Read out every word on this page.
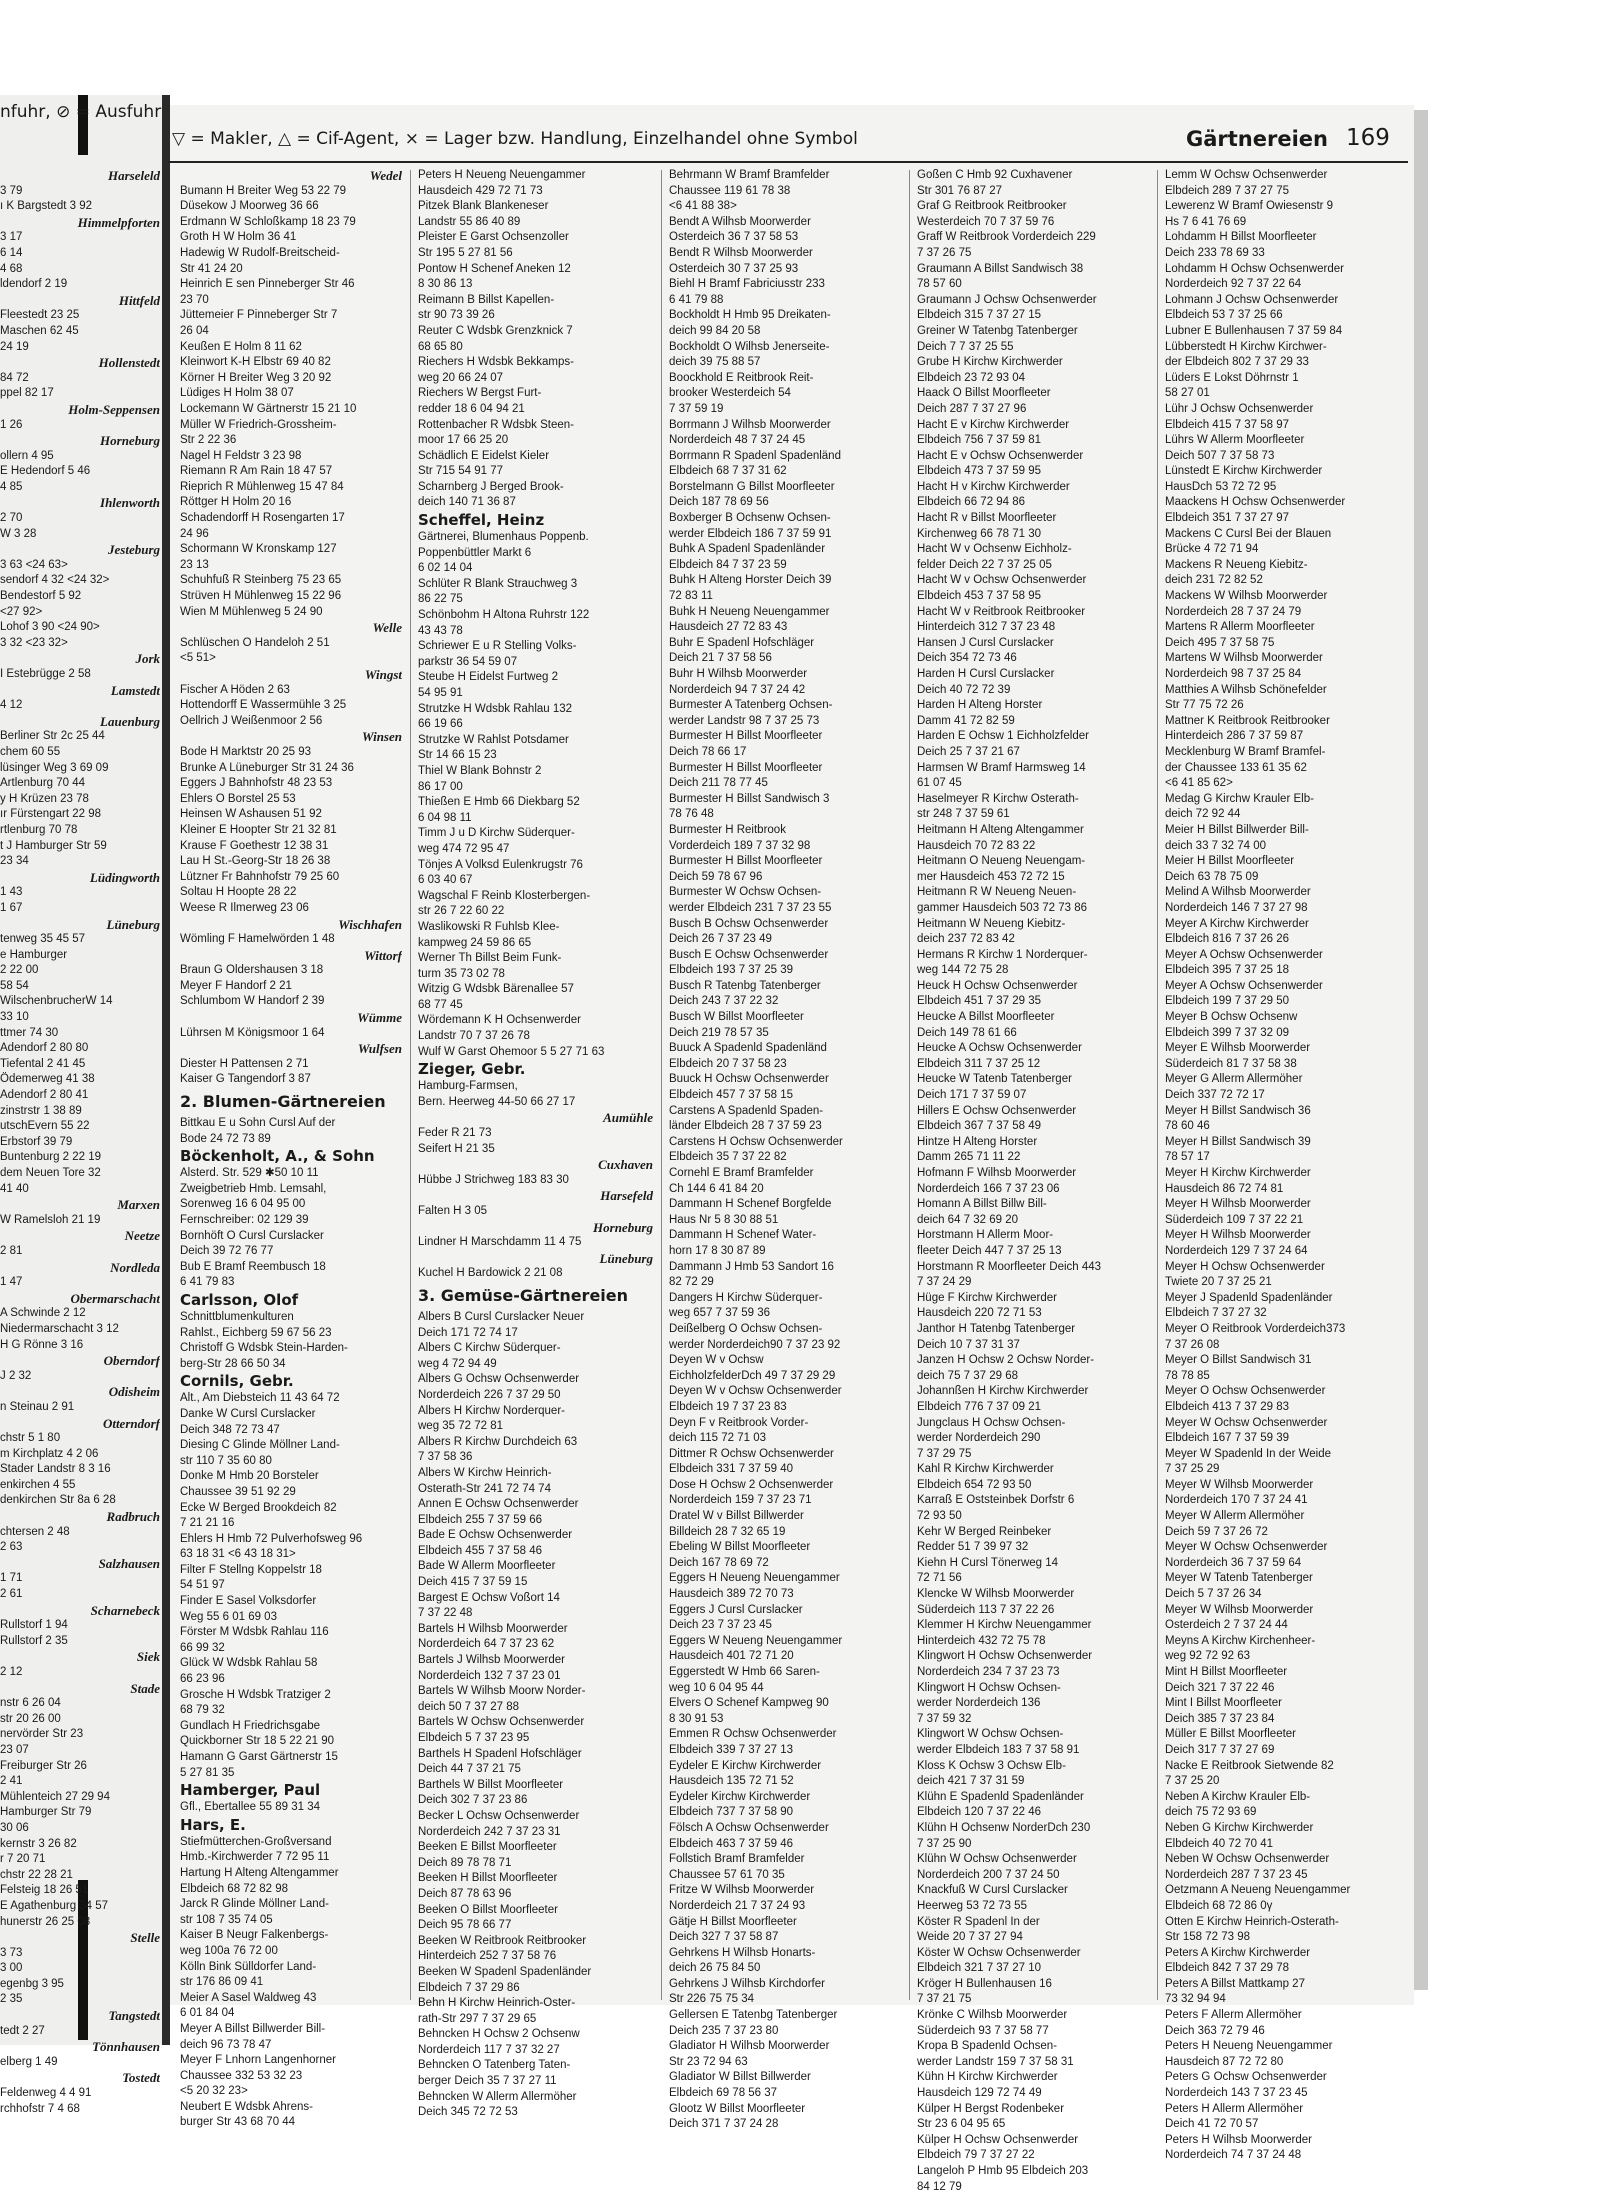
nfuhr, ⊘ = Ausfuhr
Harseleld
3 79
ı K Bargstedt 3 92
Himmelpforten
3 17
6 14
4 68
ldendorf 2 19
Hittfeld
Fleestedt 23 25
Maschen 62 45
24 19
Hollenstedt
84 72
ppel 82 17
Holm-Seppensen
1 26
Horneburg
ollern 4 95
E Hedendorf 5 46
4 85
Ihlenworth
2 70
W 3 28
Jesteburg
3 63 <24 63>
sendorf 4 32 <24 32>
Bendestorf 5 92
<27 92>
Lohof 3 90 <24 90>
3 32 <23 32>
Jork
I Estebrügge 2 58
Lamstedt
4 12
Lauenburg
Berliner Str 2c 25 44
chem 60 55
lüsinger Weg 3 69 09
Artlenburg 70 44
y H Krüzen 23 78
ır Fürstengart 22 98
rtlenburg 70 78
t J Hamburger Str 59
23 34
Lüdingworth
1 43
1 67
Lüneburg
tenweg 35 45 57
e Hamburger
2 22 00
58 54
WilschenbrucherW 14
33 10
ttmer 74 30
Adendorf 2 80 80
Tiefental 2 41 45
Ödemerweg 41 38
Adendorf 2 80 41
zinstrstr 1 38 89
utschEvern 55 22
Erbstorf 39 79
Buntenburg 2 22 19
dem Neuen Tore 32
41 40
Marxen
W Ramelsloh 21 19
Neetze
2 81
Nordleda
1 47
Obermarschacht
A Schwinde 2 12
Niedermarschacht 3 12
H G Rönne 3 16
Oberndorf
J 2 32
Odisheim
n Steinau 2 91
Otterndorf
chstr 5 1 80
m Kirchplatz 4 2 06
Stader Landstr 8 3 16
enkirchen 4 55
denkirchen Str 8a 6 28
Radbruch
chtersen 2 48
2 63
Salzhausen
1 71
2 61
Scharnebeck
Rullstorf 1 94
Rullstorf 2 35
Siek
2 12
Stade
nstr 6 26 04
str 20 26 00
nervörder Str 23
23 07
Freiburger Str 26
2 41
Mühlenteich 27 29 94
Hamburger Str 79
30 06
kernstr 3 26 82
r 7 20 71
chstr 22 28 21
Felsteig 18 26 51
E Agathenburg 34 57
hunerstr 26 25 08
Stelle
3 73
3 00
egenbg 3 95
2 35
Tangstedt
tedt 2 27
Tönnhausen
elberg 1 49
Tostedt
Feldenweg 4 4 91
rchhofstr 7 4 68
▽ = Makler, △ = Cif-Agent, × = Lager bzw. Handlung, Einzelhandel ohne Symbol	Gärtnereien 169
Wedel
Bumann H Breiter Weg 53 22 79
Düsekow J Moorweg 36 66
Erdmann W Schloßkamp 18 23 79
Groth H W Holm 36 41
Hadewig W Rudolf-Breitscheid-
Str 41 24 20
Heinrich E sen Pinneberger Str 46
23 70
Jüttemeier F Pinneberger Str 7
26 04
Keußen E Holm 8 11 62
Kleinwort K-H Elbstr 69 40 82
Körner H Breiter Weg 3 20 92
Lüdiges H Holm 38 07
Lockemann W Gärtnerstr 15 21 10
Müller W Friedrich-Grossheim-
Str 2 22 36
Nagel H Feldstr 3 23 98
Riemann R Am Rain 18 47 57
Rieprich R Mühlenweg 15 47 84
Röttger H Holm 20 16
Schadendorff H Rosengarten 17
24 96
Schormann W Kronskamp 127
23 13
Schuhfuß R Steinberg 75 23 65
Strüven H Mühlenweg 15 22 96
Wien M Mühlenweg 5 24 90
Welle
Schlüschen O Handeloh 2 51
<5 51>
Wingst
Fischer A Höden 2 63
Hottendorff E Wassermühle 3 25
Oellrich J Weißenmoor 2 56
Winsen
Bode H Marktstr 20 25 93
Brunke A Lüneburger Str 31 24 36
Eggers J Bahnhofstr 48 23 53
Ehlers O Borstel 25 53
Heinsen W Ashausen 51 92
Kleiner E Hoopter Str 21 32 81
Krause F Goethestr 12 38 31
Lau H St.-Georg-Str 18 26 38
Lützner Fr Bahnhofstr 79 25 60
Soltau H Hoopte 28 22
Weese R Ilmerweg 23 06
Wischhafen
Wömling F Hamelwörden 1 48
Wittorf
Braun G Oldershausen 3 18
Meyer F Handorf 2 21
Schlumbom W Handorf 2 39
Wümme
Lührsen M Königsmoor 1 64
Wulfsen
Diester H Pattensen 2 71
Kaiser G Tangendorf 3 87
2. Blumen-Gärtnereien
Bittkau E u Sohn Cursl Auf der
Bode 24 72 73 89
Böckenholt, A., & Sohn
Alsterd. Str. 529 ✱50 10 11
Zweigbetrieb Hmb. Lemsahl,
Sorenweg 16 6 04 95 00
Fernschreiber: 02 129 39
Bornhöft O Cursl Curslacker
Deich 39 72 76 77
Bub E Bramf Reembusch 18
6 41 79 83
Carlsson, Olof
Schnittblumenkulturen
Rahlst., Eichberg 59 67 56 23
Christoff G Wdsbk Stein-Harden-
berg-Str 28 66 50 34
Cornils, Gebr.
Alt., Am Diebsteich 11 43 64 72
Danke W Cursl Curslacker
Deich 348 72 73 47
Diesing C Glinde Möllner Land-
str 110 7 35 60 80
Donke M Hmb 20 Borsteler
Chaussee 39 51 92 29
Ecke W Berged Brookdeich 82
7 21 21 16
Ehlers H Hmb 72 Pulverhofsweg 96
63 18 31 <6 43 18 31>
Filter F Stellng Koppelstr 18
54 51 97
Finder E Sasel Volksdorfer
Weg 55 6 01 69 03
Förster M Wdsbk Rahlau 116
66 99 32
Glück W Wdsbk Rahlau 58
66 23 96
Grosche H Wdsbk Tratziger 2
68 79 32
Gundlach H Friedrichsgabe
Quickborner Str 18 5 22 21 90
Hamann G Garst Gärtnerstr 15
5 27 81 35
Hamberger, Paul
Gfl., Ebertallee 55 89 31 34
Hars, E.
Stiefmütterchen-Großversand
Hmb.-Kirchwerder 7 72 95 11
Hartung H Alteng Altengammer
Elbdeich 68 72 82 98
Jarck R Glinde Möllner Land-
str 108 7 35 74 05
Kaiser B Neugr Falkenbergs-
weg 100a 76 72 00
Kölln Bink Sülldorfer Land-
str 176 86 09 41
Meier A Sasel Waldweg 43
6 01 84 04
Meyer A Billst Billwerder Bill-
deich 96 73 78 47
Meyer F Lnhorn Langenhorner
Chaussee 332 53 32 23
<5 20 32 23>
Neubert E Wdsbk Ahrens-
burger Str 43 68 70 44
Peters H Neueng Neuengammer
Hausdeich 429 72 71 73
Pitzek Blank Blankeneser
Landstr 55 86 40 89
Pleister E Garst Ochsenzoller
Str 195 5 27 81 56
Pontow H Schenef Aneken 12
8 30 86 13
Reimann B Billst Kapellen-
str 90 73 39 26
Reuter C Wdsbk Grenzknick 7
68 65 80
Riechers H Wdsbk Bekkamps-
weg 20 66 24 07
Riechers W Bergst Furt-
redder 18 6 04 94 21
Rottenbacher R Wdsbk Steen-
moor 17 66 25 20
Schädlich E Eidelst Kieler
Str 715 54 91 77
Scharnberg J Berged Brook-
deich 140 71 36 87
Scheffel, Heinz
Gärtnerei, Blumenhaus Poppenb.
Poppenbüttler Markt 6
6 02 14 04
Schlüter R Blank Strauchweg 3
86 22 75
Schönbohm H Altona Ruhrstr 122
43 43 78
Schriewer E u R Stelling Volks-
parkstr 36 54 59 07
Steube H Eidelst Furtweg 2
54 95 91
Strutzke H Wdsbk Rahlau 132
66 19 66
Strutzke W Rahlst Potsdamer
Str 14 66 15 23
Thiel W Blank Bohnstr 2
86 17 00
Thießen E Hmb 66 Diekbarg 52
6 04 98 11
Timm J u D Kirchw Süderquer-
weg 474 72 95 47
Tönjes A Volksd Eulenkrugstr 76
6 03 40 67
Wagschal F Reinb Klosterbergen-
str 26 7 22 60 22
Waslikowski R Fuhlsb Klee-
kampweg 24 59 86 65
Werner Th Billst Beim Funk-
turm 35 73 02 78
Witzig G Wdsbk Bärenallee 57
68 77 45
Wördemann K H Ochsenwerder
Landstr 70 7 37 26 78
Wulf W Garst Ohemoor 5 5 27 71 63
Zieger, Gebr.
Hamburg-Farmsen,
Bern. Heerweg 44-50 66 27 17
Aumühle
Feder R 21 73
Seifert H 21 35
Cuxhaven
Hübbe J Strichweg 183 83 30
Harsefeld
Falten H 3 05
Horneburg
Lindner H Marschdamm 11 4 75
Lüneburg
Kuchel H Bardowick 2 21 08
3. Gemüse-Gärtnereien
Albers B Cursl Curslacker Neuer
Deich 171 72 74 17
Albers C Kirchw Süderquer-
weg 4 72 94 49
Albers G Ochsw Ochsenwerder
Norderdeich 226 7 37 29 50
Albers H Kirchw Norderquer-
weg 35 72 72 81
Albers R Kirchw Durchdeich 63
7 37 58 36
Albers W Kirchw Heinrich-
Osterath-Str 241 72 74 74
Annen E Ochsw Ochsenwerder
Elbdeich 255 7 37 59 66
Bade E Ochsw Ochsenwerder
Elbdeich 455 7 37 58 46
Bade W Allerm Moorfleeter
Deich 415 7 37 59 15
Bargest E Ochsw Voßort 14
7 37 22 48
Bartels H Wilhsb Moorwerder
Norderdeich 64 7 37 23 62
Bartels J Wilhsb Moorwerder
Norderdeich 132 7 37 23 01
Bartels W Wilhsb Moorw Norder-
deich 50 7 37 27 88
Bartels W Ochsw Ochsenwerder
Elbdeich 5 7 37 23 95
Barthels H Spadenl Hofschläger
Deich 44 7 37 21 75
Barthels W Billst Moorfleeter
Deich 302 7 37 23 86
Becker L Ochsw Ochsenwerder
Norderdeich 242 7 37 23 31
Beeken E Billst Moorfleeter
Deich 89 78 78 71
Beeken H Billst Moorfleeter
Deich 87 78 63 96
Beeken O Billst Moorfleeter
Deich 95 78 66 77
Beeken W Reitbrook Reitbrooker
Hinterdeich 252 7 37 58 76
Beeken W Spadenl Spadenländer
Elbdeich 7 37 29 86
Behn H Kirchw Heinrich-Oster-
rath-Str 297 7 37 29 65
Behncken H Ochsw 2 Ochsenw
Norderdeich 117 7 37 32 27
Behncken O Tatenberg Taten-
berger Deich 35 7 37 27 11
Behncken W Allerm Allermöher
Deich 345 72 72 53
Behrmann W Bramf Bramfelder
Chaussee 119 61 78 38
<6 41 88 38>
Bendt A Wilhsb Moorwerder
Osterdeich 36 7 37 58 53
Bendt R Wilhsb Moorwerder
Osterdeich 30 7 37 25 93
Biehl H Bramf Fabriciusstr 233
6 41 79 88
Bockholdt H Hmb 95 Dreikaten-
deich 99 84 20 58
Bockholdt O Wilhsb Jenerseite-
deich 39 75 88 57
Boockhold E Reitbrook Reit-
brooker Westerdeich 54
7 37 59 19
Borrmann J Wilhsb Moorwerder
Norderdeich 48 7 37 24 45
Borrmann R Spadenl Spadenländ
Elbdeich 68 7 37 31 62
Borstelmann G Billst Moorfleeter
Deich 187 78 69 56
Boxberger B Ochsenw Ochsen-
werder Elbdeich 186 7 37 59 91
Buhk A Spadenl Spadenländer
Elbdeich 84 7 37 23 59
Buhk H Alteng Horster Deich 39
72 83 11
Buhk H Neueng Neuengammer
Hausdeich 27 72 83 43
Buhr E Spadenl Hofschläger
Deich 21 7 37 58 56
Buhr H Wilhsb Moorwerder
Norderdeich 94 7 37 24 42
Burmester A Tatenberg Ochsen-
werder Landstr 98 7 37 25 73
Burmester H Billst Moorfleeter
Deich 78 66 17
Burmester H Billst Moorfleeter
Deich 211 78 77 45
Burmester H Billst Sandwisch 3
78 76 48
Burmester H Reitbrook
Vorderdeich 189 7 37 32 98
Burmester H Billst Moorfleeter
Deich 59 78 67 96
Burmester W Ochsw Ochsen-
werder Elbdeich 231 7 37 23 55
Busch B Ochsw Ochsenwerder
Deich 26 7 37 23 49
Busch E Ochsw Ochsenwerder
Elbdeich 193 7 37 25 39
Busch R Tatenbg Tatenberger
Deich 243 7 37 22 32
Busch W Billst Moorfleeter
Deich 219 78 57 35
Buuck A Spadenld Spadenländ
Elbdeich 20 7 37 58 23
Buuck H Ochsw Ochsenwerder
Elbdeich 457 7 37 58 15
Carstens A Spadenld Spaden-
länder Elbdeich 28 7 37 59 23
Carstens H Ochsw Ochsenwerder
Elbdeich 35 7 37 22 82
Cornehl E Bramf Bramfelder
Ch 144 6 41 84 20
Dammann H Schenef Borgfelde
Haus Nr 5 8 30 88 51
Dammann H Schenef Water-
horn 17 8 30 87 89
Dammann J Hmb 53 Sandort 16
82 72 29
Dangers H Kirchw Süderquer-
weg 657 7 37 59 36
Deißelberg O Ochsw Ochsen-
werder Norderdeich90 7 37 23 92
Deyen W v Ochsw
EichholzfelderDch 49 7 37 29 29
Deyen W v Ochsw Ochsenwerder
Elbdeich 19 7 37 23 83
Deyn F v Reitbrook Vorder-
deich 115 72 71 03
Dittmer R Ochsw Ochsenwerder
Elbdeich 331 7 37 59 40
Dose H Ochsw 2 Ochsenwerder
Norderdeich 159 7 37 23 71
Dratel W v Billst Billwerder
Billdeich 28 7 32 65 19
Ebeling W Billst Moorfleeter
Deich 167 78 69 72
Eggers H Neueng Neuengammer
Hausdeich 389 72 70 73
Eggers J Cursl Curslacker
Deich 23 7 37 23 45
Eggers W Neueng Neuengammer
Hausdeich 401 72 71 20
Eggerstedt W Hmb 66 Saren-
weg 10 6 04 95 44
Elvers O Schenef Kampweg 90
8 30 91 53
Emmen R Ochsw Ochsenwerder
Elbdeich 339 7 37 27 13
Eydeler E Kirchw Kirchwerder
Hausdeich 135 72 71 52
Eydeler Kirchw Kirchwerder
Elbdeich 737 7 37 58 90
Fölsch A Ochsw Ochsenwerder
Elbdeich 463 7 37 59 46
Follstich Bramf Bramfelder
Chaussee 57 61 70 35
Fritze W Wilhsb Moorwerder
Norderdeich 21 7 37 24 93
Gätje H Billst Moorfleeter
Deich 327 7 37 58 87
Gehrkens H Wilhsb Honarts-
deich 26 75 84 50
Gehrkens J Wilhsb Kirchdorfer
Str 226 75 75 34
Gellersen E Tatenbg Tatenberger
Deich 235 7 37 23 80
Gladiator H Wilhsb Moorwerder
Str 23 72 94 63
Gladiator W Billst Billwerder
Elbdeich 69 78 56 37
Glootz W Billst Moorfleeter
Deich 371 7 37 24 28
Goßen C Hmb 92 Cuxhavener
Str 301 76 87 27
Graf G Reitbrook Reitbrooker
Westerdeich 70 7 37 59 76
Graff W Reitbrook Vorderdeich 229
7 37 26 75
Graumann A Billst Sandwisch 38
78 57 60
Graumann J Ochsw Ochsenwerder
Elbdeich 315 7 37 27 15
Greiner W Tatenbg Tatenberger
Deich 7 7 37 25 55
Grube H Kirchw Kirchwerder
Elbdeich 23 72 93 04
Haack O Billst Moorfleeter
Deich 287 7 37 27 96
Hacht E v Kirchw Kirchwerder
Elbdeich 756 7 37 59 81
Hacht E v Ochsw Ochsenwerder
Elbdeich 473 7 37 59 95
Hacht H v Kirchw Kirchwerder
Elbdeich 66 72 94 86
Hacht R v Billst Moorfleeter
Kirchenweg 66 78 71 30
Hacht W v Ochsenw Eichholz-
felder Deich 22 7 37 25 05
Hacht W v Ochsw Ochsenwerder
Elbdeich 453 7 37 58 95
Hacht W v Reitbrook Reitbrooker
Hinterdeich 312 7 37 23 48
Hansen J Cursl Curslacker
Deich 354 72 73 46
Harden H Cursl Curslacker
Deich 40 72 72 39
Harden H Alteng Horster
Damm 41 72 82 59
Harden E Ochsw 1 Eichholzfelder
Deich 25 7 37 21 67
Harmsen W Bramf Harmsweg 14
61 07 45
Haselmeyer R Kirchw Osterath-
str 248 7 37 59 61
Heitmann H Alteng Altengammer
Hausdeich 70 72 83 22
Heitmann O Neueng Neuengam-
mer Hausdeich 453 72 72 15
Heitmann R W Neueng Neuen-
gammer Hausdeich 503 72 73 86
Heitmann W Neueng Kiebitz-
deich 237 72 83 42
Hermans R Kirchw 1 Norderquer-
weg 144 72 75 28
Heuck H Ochsw Ochsenwerder
Elbdeich 451 7 37 29 35
Heucke A Billst Moorfleeter
Deich 149 78 61 66
Heucke A Ochsw Ochsenwerder
Elbdeich 311 7 37 25 12
Heucke W Tatenb Tatenberger
Deich 171 7 37 59 07
Hillers E Ochsw Ochsenwerder
Elbdeich 367 7 37 58 49
Hintze H Alteng Horster
Damm 265 71 11 22
Hofmann F Wilhsb Moorwerder
Norderdeich 166 7 37 23 06
Homann A Billst Billw Bill-
deich 64 7 32 69 20
Horstmann H Allerm Moor-
fleeter Deich 447 7 37 25 13
Horstmann R Moorfleeter Deich 443
7 37 24 29
Hüge F Kirchw Kirchwerder
Hausdeich 220 72 71 53
Janthor H Tatenbg Tatenberger
Deich 10 7 37 31 37
Janzen H Ochsw 2 Ochsw Norder-
deich 75 7 37 29 68
Johannßen H Kirchw Kirchwerder
Elbdeich 776 7 37 09 21
Jungclaus H Ochsw Ochsen-
werder Norderdeich 290
7 37 29 75
Kahl R Kirchw Kirchwerder
Elbdeich 654 72 93 50
Karraß E Oststeinbek Dorfstr 6
72 93 50
Kehr W Berged Reinbeker
Redder 51 7 39 97 32
Kiehn H Cursl Tönerweg 14
72 71 56
Klencke W Wilhsb Moorwerder
Süderdeich 113 7 37 22 26
Klemmer H Kirchw Neuengammer
Hinterdeich 432 72 75 78
Klingwort H Ochsw Ochsenwerder
Norderdeich 234 7 37 23 73
Klingwort H Ochsw Ochsen-
werder Norderdeich 136
7 37 59 32
Klingwort W Ochsw Ochsen-
werder Elbdeich 183 7 37 58 91
Kloss K Ochsw 3 Ochsw Elb-
deich 421 7 37 31 59
Klühn E Spadenld Spadenländer
Elbdeich 120 7 37 22 46
Klühn H Ochsenw NorderDch 230
7 37 25 90
Klühn W Ochsw Ochsenwerder
Norderdeich 200 7 37 24 50
Knackfuß W Cursl Curslacker
Heerweg 53 72 73 55
Köster R Spadenl In der
Weide 20 7 37 27 94
Köster W Ochsw Ochsenwerder
Elbdeich 321 7 37 27 10
Kröger H Bullenhausen 16
7 37 21 75
Krönke C Wilhsb Moorwerder
Süderdeich 93 7 37 58 77
Kropa B Spadenld Ochsen-
werder Landstr 159 7 37 58 31
Kühn H Kirchw Kirchwerder
Hausdeich 129 72 74 49
Külper H Bergst Rodenbeker
Str 23 6 04 95 65
Külper H Ochsw Ochsenwerder
Elbdeich 79 7 37 27 22
Langeloh P Hmb 95 Elbdeich 203
84 12 79
Lemm W Ochsw Ochsenwerder
Elbdeich 289 7 37 27 75
Lewerenz W Bramf Owiesenstr 9
Hs 7 6 41 76 69
Lohdamm H Billst Moorfleeter
Deich 233 78 69 33
Lohdamm H Ochsw Ochsenwerder
Norderdeich 92 7 37 22 64
Lohmann J Ochsw Ochsenwerder
Elbdeich 53 7 37 25 66
Lubner E Bullenhausen 7 37 59 84
Lübberstedt H Kirchw Kirchwer-
der Elbdeich 802 7 37 29 33
Lüders E Lokst Döhrnstr 1
58 27 01
Lühr J Ochsw Ochsenwerder
Elbdeich 415 7 37 58 97
Lührs W Allerm Moorfleeter
Deich 507 7 37 58 73
Lünstedt E Kirchw Kirchwerder
HausDch 53 72 72 95
Maackens H Ochsw Ochsenwerder
Elbdeich 351 7 37 27 97
Mackens C Cursl Bei der Blauen
Brücke 4 72 71 94
Mackens R Neueng Kiebitz-
deich 231 72 82 52
Mackens W Wilhsb Moorwerder
Norderdeich 28 7 37 24 79
Martens R Allerm Moorfleeter
Deich 495 7 37 58 75
Martens W Wilhsb Moorwerder
Norderdeich 98 7 37 25 84
Matthies A Wilhsb Schönefelder
Str 77 75 72 26
Mattner K Reitbrook Reitbrooker
Hinterdeich 286 7 37 59 87
Mecklenburg W Bramf Bramfel-
der Chaussee 133 61 35 62
<6 41 85 62>
Medag G Kirchw Krauler Elb-
deich 72 92 44
Meier H Billst Billwerder Bill-
deich 33 7 32 74 00
Meier H Billst Moorfleeter
Deich 63 78 75 09
Melind A Wilhsb Moorwerder
Norderdeich 146 7 37 27 98
Meyer A Kirchw Kirchwerder
Elbdeich 816 7 37 26 26
Meyer A Ochsw Ochsenwerder
Elbdeich 395 7 37 25 18
Meyer A Ochsw Ochsenwerder
Elbdeich 199 7 37 29 50
Meyer B Ochsw Ochsenw
Elbdeich 399 7 37 32 09
Meyer E Wilhsb Moorwerder
Süderdeich 81 7 37 58 38
Meyer G Allerm Allermöher
Deich 337 72 72 17
Meyer H Billst Sandwisch 36
78 60 46
Meyer H Billst Sandwisch 39
78 57 17
Meyer H Kirchw Kirchwerder
Hausdeich 86 72 74 81
Meyer H Wilhsb Moorwerder
Süderdeich 109 7 37 22 21
Meyer H Wilhsb Moorwerder
Norderdeich 129 7 37 24 64
Meyer H Ochsw Ochsenwerder
Twiete 20 7 37 25 21
Meyer J Spadenld Spadenländer
Elbdeich 7 37 27 32
Meyer O Reitbrook Vorderdeich373
7 37 26 08
Meyer O Billst Sandwisch 31
78 78 85
Meyer O Ochsw Ochsenwerder
Elbdeich 413 7 37 29 83
Meyer W Ochsw Ochsenwerder
Elbdeich 167 7 37 59 39
Meyer W Spadenld In der Weide
7 37 25 29
Meyer W Wilhsb Moorwerder
Norderdeich 170 7 37 24 41
Meyer W Allerm Allermöher
Deich 59 7 37 26 72
Meyer W Ochsw Ochsenwerder
Norderdeich 36 7 37 59 64
Meyer W Tatenb Tatenberger
Deich 5 7 37 26 34
Meyer W Wilhsb Moorwerder
Osterdeich 2 7 37 24 44
Meyns A Kirchw Kirchenheer-
weg 92 72 92 63
Mint H Billst Moorfleeter
Deich 321 7 37 22 46
Mint I Billst Moorfleeter
Deich 385 7 37 23 84
Müller E Billst Moorfleeter
Deich 317 7 37 27 69
Nacke E Reitbrook Sietwende 82
7 37 25 20
Neben A Kirchw Krauler Elb-
deich 75 72 93 69
Neben G Kirchw Kirchwerder
Elbdeich 40 72 70 41
Neben W Ochsw Ochsenwerder
Norderdeich 287 7 37 23 45
Oetzmann A Neueng Neuengammer
Elbdeich 68 72 86 0γ
Otten E Kirchw Heinrich-Osterath-
Str 158 72 73 98
Peters A Kirchw Kirchwerder
Elbdeich 842 7 37 29 78
Peters A Billst Mattkamp 27
73 32 94 94
Peters F Allerm Allermöher
Deich 363 72 79 46
Peters H Neueng Neuengammer
Hausdeich 87 72 72 80
Peters G Ochsw Ochsenwerder
Norderdeich 143 7 37 23 45
Peters H Allerm Allermöher
Deich 41 72 70 57
Peters H Wilhsb Moorwerder
Norderdeich 74 7 37 24 48
